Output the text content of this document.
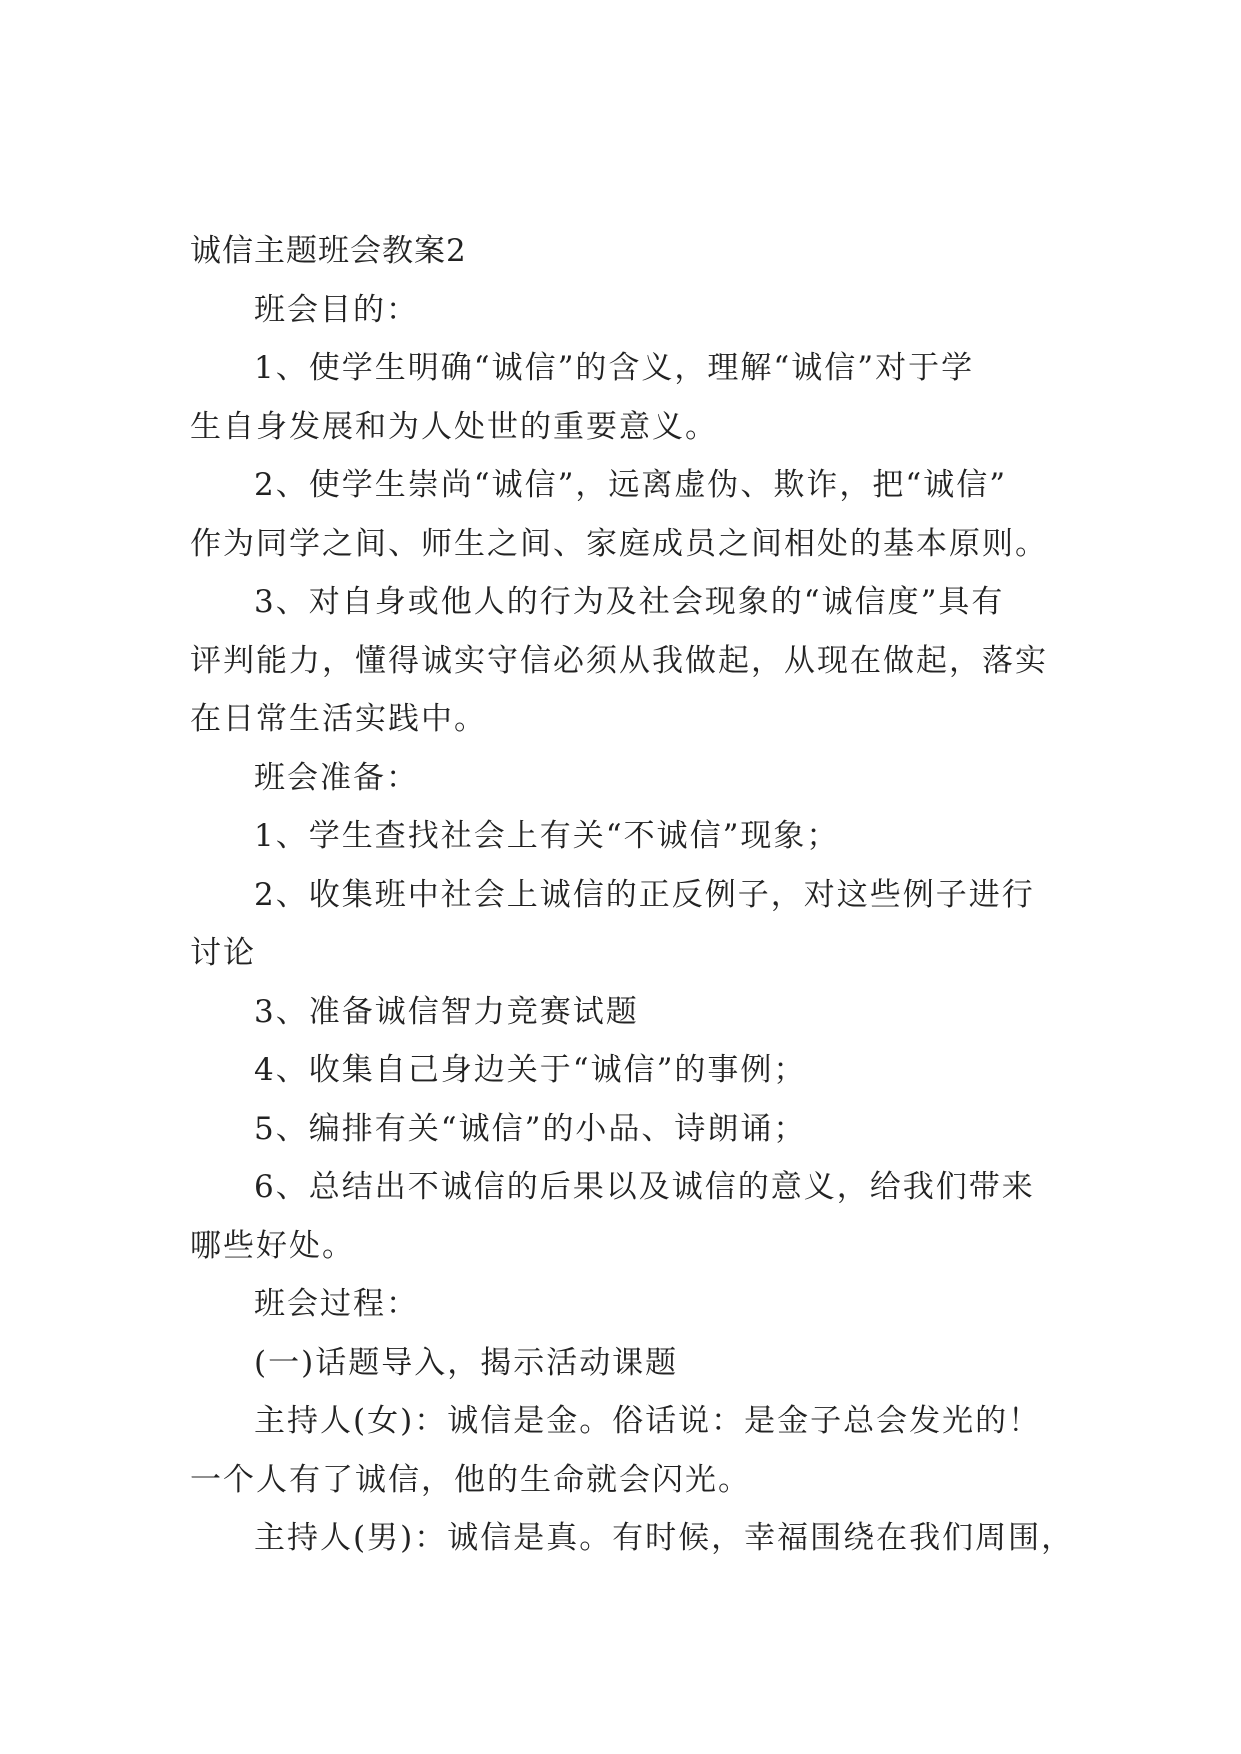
诚信主题班会教案2
班会目的：
1、使学生明确“诚信”的含义，理解“诚信”对于学
生自身发展和为人处世的重要意义。
2、使学生崇尚“诚信”，远离虚伪、欺诈，把“诚信”
作为同学之间、师生之间、家庭成员之间相处的基本原则。
3、对自身或他人的行为及社会现象的“诚信度”具有
评判能力，懂得诚实守信必须从我做起，从现在做起，落实
在日常生活实践中。
班会准备：
1、学生查找社会上有关“不诚信”现象；
2、收集班中社会上诚信的正反例子，对这些例子进行
讨论
3、准备诚信智力竞赛试题
4、收集自己身边关于“诚信”的事例；
5、编排有关“诚信”的小品、诗朗诵；
6、总结出不诚信的后果以及诚信的意义，给我们带来
哪些好处。
班会过程：
(一)话题导入，揭示活动课题
主持人(女)：诚信是金。俗话说：是金子总会发光的！
一个人有了诚信，他的生命就会闪光。
主持人(男)：诚信是真。有时候，幸福围绕在我们周围，
